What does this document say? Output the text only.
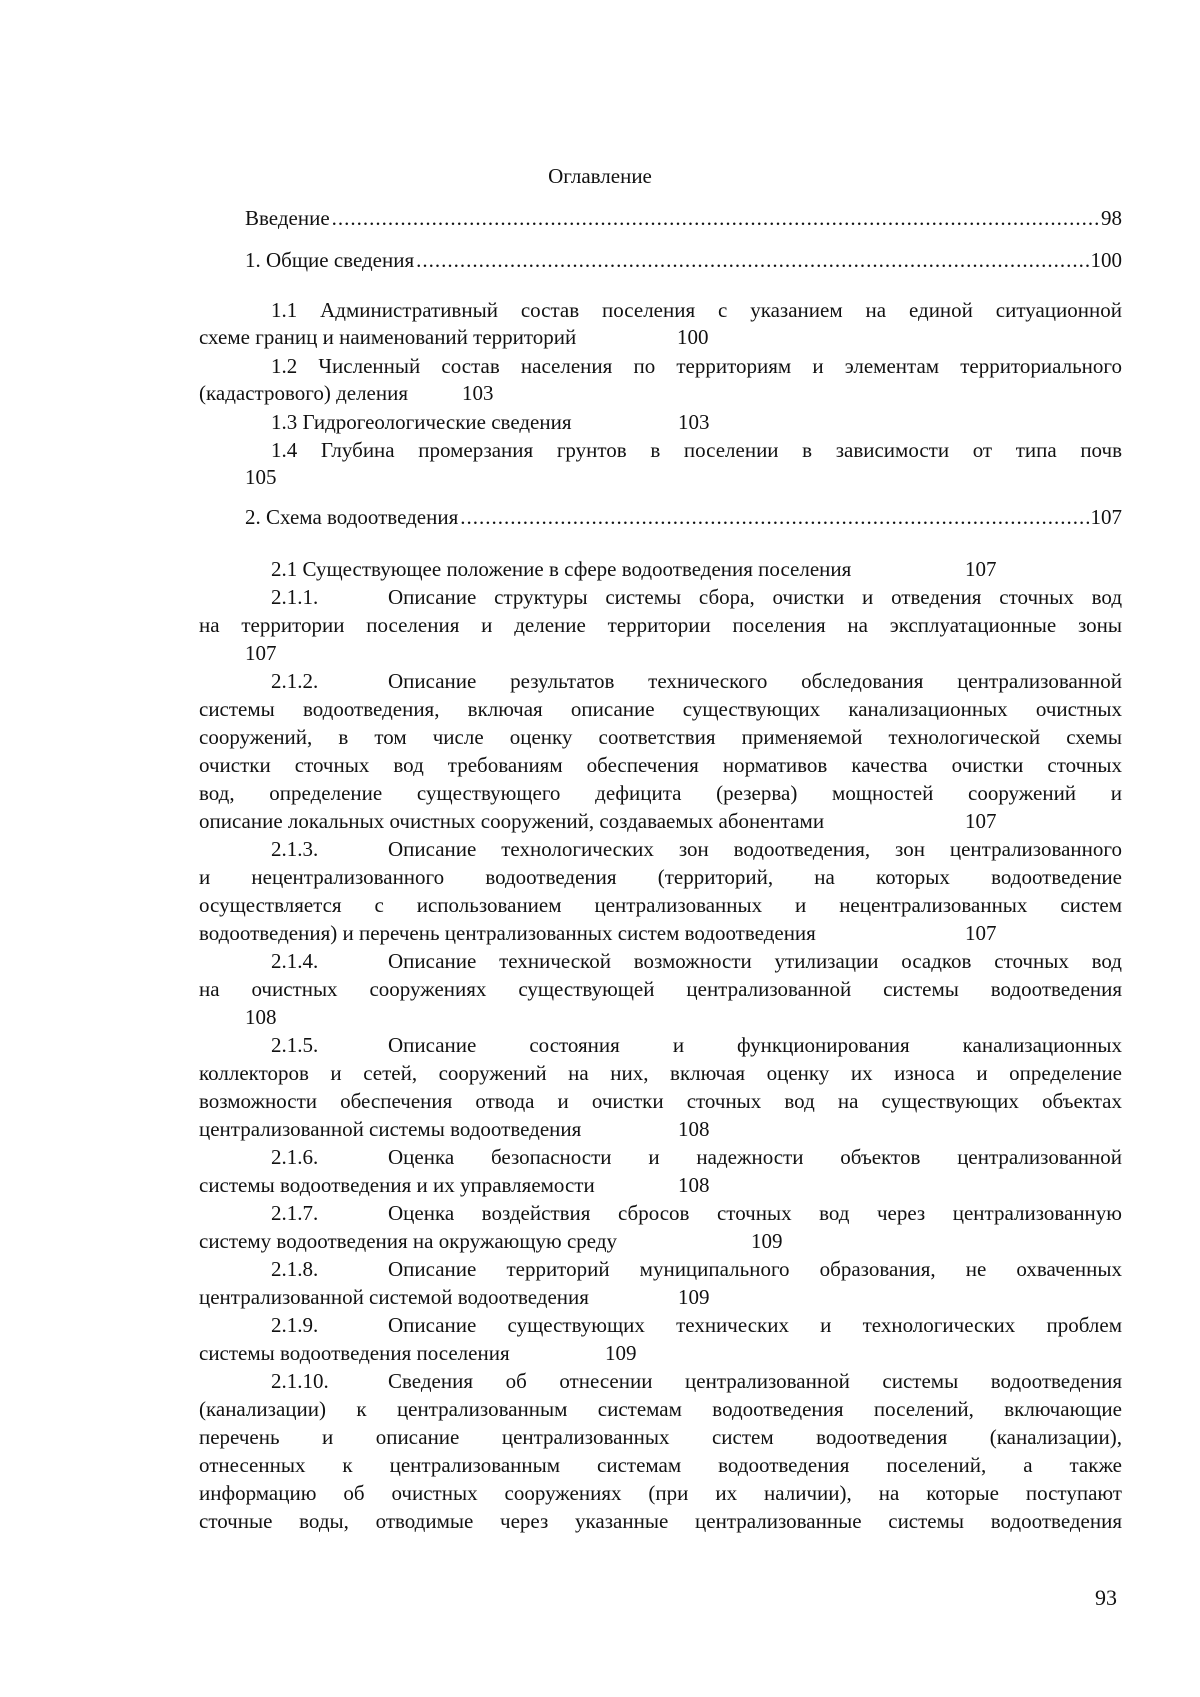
Оглавление
Введение .....	98
1. Общие сведения .....	100
1.1 Административный состав поселения с указанием на единой ситуационной
схеме границ и наименований территорий	100
1.2 Численный состав населения по территориям и элементам территориального
(кадастрового) деления	103
1.3 Гидрогеологические сведения	103
1.4 Глубина промерзания грунтов в поселении в зависимости от типа почв
105
2. Схема водоотведения .....	107
2.1 Существующее положение в сфере водоотведения поселения	107
2.1.1.	Описание структуры системы сбора, очистки и отведения сточных вод
на территории поселения и деление территории поселения на эксплуатационные зоны
107
2.1.2.	Описание результатов технического обследования централизованной
системы водоотведения, включая описание существующих канализационных очистных
сооружений, в том числе оценку соответствия применяемой технологической схемы
очистки сточных вод требованиям обеспечения нормативов качества очистки сточных
вод, определение существующего дефицита (резерва) мощностей сооружений и
описание локальных очистных сооружений, создаваемых абонентами	107
2.1.3.	Описание технологических зон водоотведения, зон централизованного
и нецентрализованного водоотведения (территорий, на которых водоотведение
осуществляется с использованием централизованных и нецентрализованных систем
водоотведения) и перечень централизованных систем водоотведения	107
2.1.4.	Описание технической возможности утилизации осадков сточных вод
на очистных сооружениях существующей централизованной системы водоотведения
108
2.1.5.	Описание состояния и функционирования канализационных
коллекторов и сетей, сооружений на них, включая оценку их износа и определение
возможности обеспечения отвода и очистки сточных вод на существующих объектах
централизованной системы водоотведения	108
2.1.6.	Оценка безопасности и надежности объектов централизованной
системы водоотведения и их управляемости	108
2.1.7.	Оценка воздействия сбросов сточных вод через централизованную
систему водоотведения на окружающую среду	109
2.1.8.	Описание территорий муниципального образования, не охваченных
централизованной системой водоотведения	109
2.1.9.	Описание существующих технических и технологических проблем
системы водоотведения поселения	109
2.1.10.	Сведения об отнесении централизованной системы водоотведения
(канализации) к централизованным системам водоотведения поселений, включающие
перечень и описание централизованных систем водоотведения (канализации),
отнесенных к централизованным системам водоотведения поселений, а также
информацию об очистных сооружениях (при их наличии), на которые поступают
сточные воды, отводимые через указанные централизованные системы водоотведения
93
